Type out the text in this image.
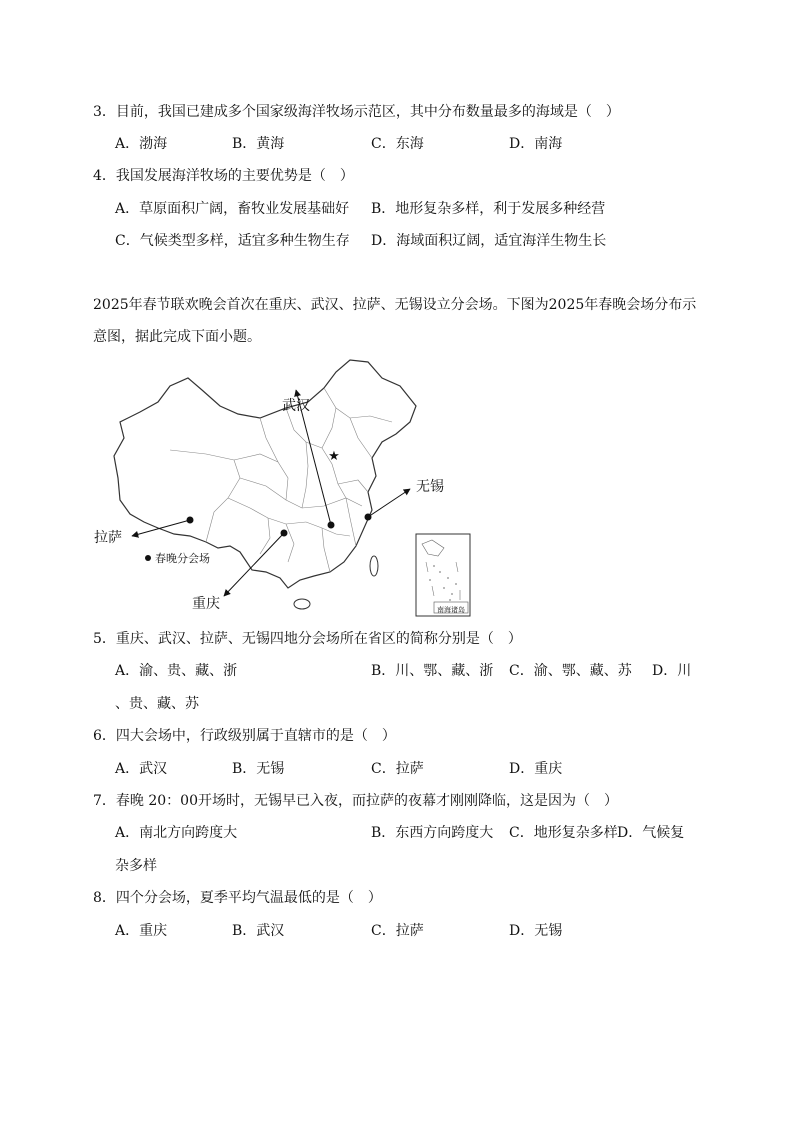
3．目前，我国已建成多个国家级海洋牧场示范区，其中分布数量最多的海域是（　）
A．渤海	B．黄海	C．东海	D．南海
4．我国发展海洋牧场的主要优势是（　）
A．草原面积广阔，畜牧业发展基础好 B．地形复杂多样，利于发展多种经营
C．气候类型多样，适宜多种生物生存 D．海域面积辽阔，适宜海洋生物生长
2025年春节联欢晚会首次在重庆、武汉、拉萨、无锡设立分会场。下图为2025年春晚会场分布示
意图，据此完成下面小题。
★
武汉
无锡
拉萨
重庆
春晚分会场
南海诸岛
5．重庆、武汉、拉萨、无锡四地分会场所在省区的简称分别是（　）
A．渝、贵、藏、浙	B．川、鄂、藏、浙 C．渝、鄂、藏、苏 D．川
、贵、藏、苏
6．四大会场中，行政级别属于直辖市的是（　）
A．武汉	B．无锡	C．拉萨	D．重庆
7．春晚 20：00开场时，无锡早已入夜，而拉萨的夜幕才刚刚降临，这是因为（　）
A．南北方向跨度大	B．东西方向跨度大 C．地形复杂多样 D．气候复
杂多样
8．四个分会场，夏季平均气温最低的是（　）
A．重庆	B．武汉	C．拉萨	D．无锡
